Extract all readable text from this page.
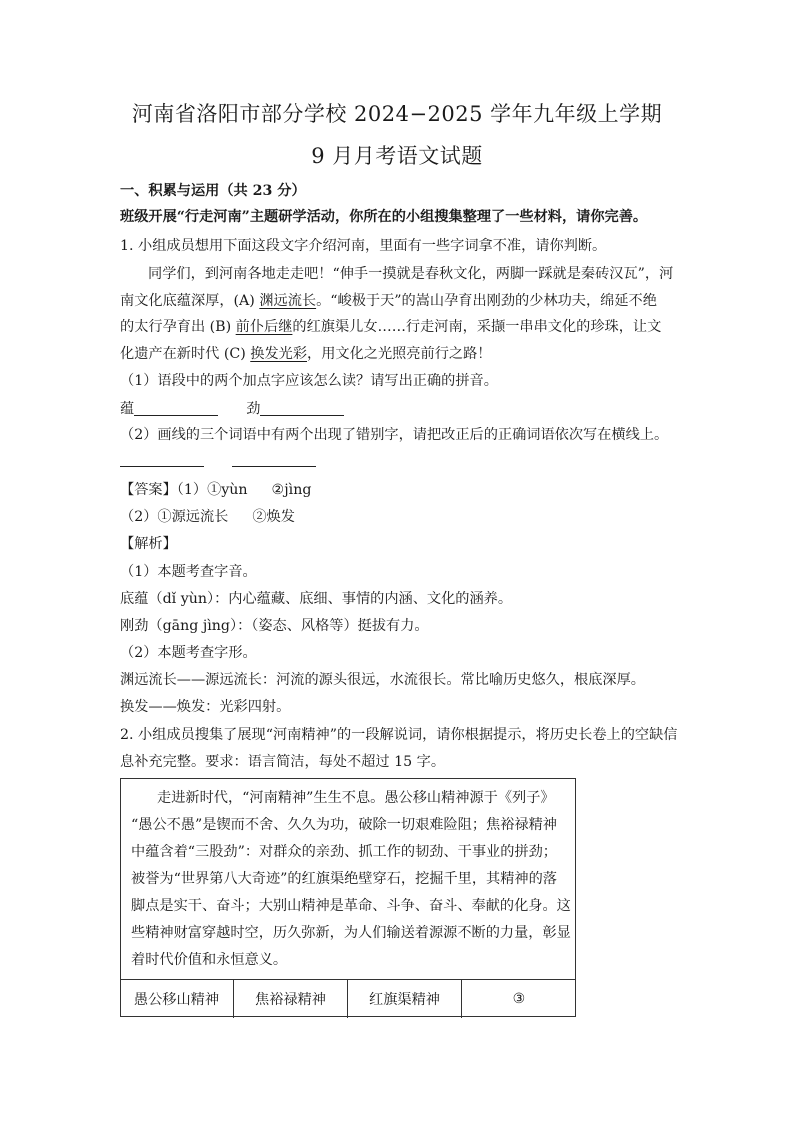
河南省洛阳市部分学校 2024−2025 学年九年级上学期
9 月月考语文试题
一、积累与运用（共 23 分）
班级开展“行走河南”主题研学活动，你所在的小组搜集整理了一些材料，请你完善。
1. 小组成员想用下面这段文字介绍河南，里面有一些字词拿不准，请你判断。
同学们，到河南各地走走吧！“伸手一摸就是春秋文化，两脚一踩就是秦砖汉瓦”，河
南文化底蕴深厚，(A) 渊远流长。“峻极于天”的嵩山孕育出刚劲的少林功夫，绵延不绝
的太行孕育出 (B) 前仆后继的红旗渠儿女……行走河南，采撷一串串文化的珍珠，让文
化遗产在新时代 (C) 换发光彩，用文化之光照亮前行之路！
（1）语段中的两个加点字应该怎么读？请写出正确的拼音。
蕴	劲
（2）画线的三个词语中有两个出现了错别字，请把改正后的正确词语依次写在横线上。
【答案】（1）①yùn ②jìng
（2）①源远流长 ②焕发
【解析】
（1）本题考查字音。
底蕴（dǐ yùn）：内心蕴藏、底细、事情的内涵、文化的涵养。
刚劲（gāng jìng）：（姿态、风格等）挺拔有力。
（2）本题考查字形。
渊远流长——源远流长：河流的源头很远，水流很长。常比喻历史悠久，根底深厚。
换发——焕发：光彩四射。
2. 小组成员搜集了展现“河南精神”的一段解说词，请你根据提示，将历史长卷上的空缺信
息补充完整。要求：语言简洁，每处不超过 15 字。
走进新时代，“河南精神”生生不息。愚公移山精神源于《列子》
“愚公不愚”是锲而不舍、久久为功，破除一切艰难险阻；焦裕禄精神
中蕴含着“三股劲”：对群众的亲劲、抓工作的韧劲、干事业的拼劲；
被誉为“世界第八大奇迹”的红旗渠绝壁穿石，挖掘千里，其精神的落
脚点是实干、奋斗；大别山精神是革命、斗争、奋斗、奉献的化身。这
些精神财富穿越时空，历久弥新，为人们输送着源源不断的力量，彰显
着时代价值和永恒意义。
愚公移山精神	焦裕禄精神	红旗渠精神	③
